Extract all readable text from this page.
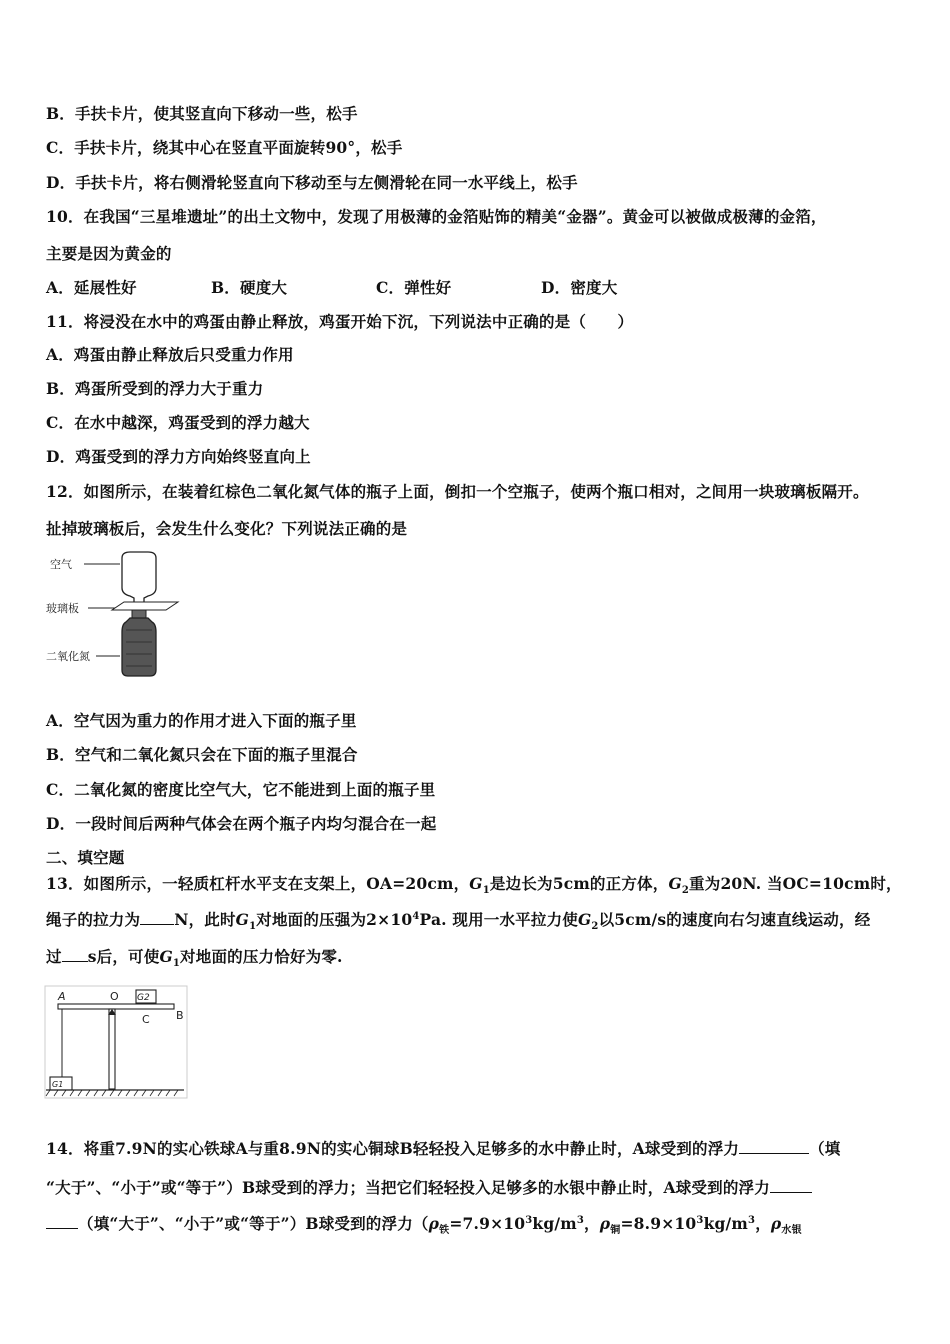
B．手扶卡片，使其竖直向下移动一些，松手
C．手扶卡片，绕其中心在竖直平面旋转90°，松手
D．手扶卡片，将右侧滑轮竖直向下移动至与左侧滑轮在同一水平线上，松手
10．在我国“三星堆遗址”的出土文物中，发现了用极薄的金箔贴饰的精美“金器”。黄金可以被做成极薄的金箔，
主要是因为黄金的
A．延展性好	B．硬度大	C．弹性好	D．密度大
11．将浸没在水中的鸡蛋由静止释放，鸡蛋开始下沉，下列说法中正确的是（　　）
A．鸡蛋由静止释放后只受重力作用
B．鸡蛋所受到的浮力大于重力
C．在水中越深，鸡蛋受到的浮力越大
D．鸡蛋受到的浮力方向始终竖直向上
12．如图所示，在装着红棕色二氧化氮气体的瓶子上面，倒扣一个空瓶子，使两个瓶口相对，之间用一块玻璃板隔开。
扯掉玻璃板后，会发生什么变化？下列说法正确的是
空气
玻璃板
二氧化氮
A．空气因为重力的作用才进入下面的瓶子里
B．空气和二氧化氮只会在下面的瓶子里混合
C．二氧化氮的密度比空气大，它不能进到上面的瓶子里
D．一段时间后两种气体会在两个瓶子内均匀混合在一起
二、填空题
13．如图所示，一轻质杠杆水平支在支架上，OA=20cm，$G_1$是边长为5cm的正方体，$G_2$重为20N. 当OC=10cm时，
绳子的拉力为 N，此时$G_1$对地面的压强为$2\times 10^4Pa$. 现用一水平拉力使$G_2$以5cm/s的速度向右匀速直线运动，经
过 s后，可使$G_1$对地面的压力恰好为零.
A	O G2
C B
G1
14．将重7.9N的实心铁球A与重8.9N的实心铜球B轻轻投入足够多的水中静止时，A球受到的浮力	（填
“大于”、“小于”或“等于”）B球受到的浮力；当把它们轻轻投入足够多的水银中静止时，A球受到的浮力
（填“大于”、“小于”或“等于”）B球受到的浮力（$\rho_铁=7.9\times 10^3kg/m^3$，$\rho_铜=8.9\times 10^3kg/m^3$，$\rho_{水银}$
